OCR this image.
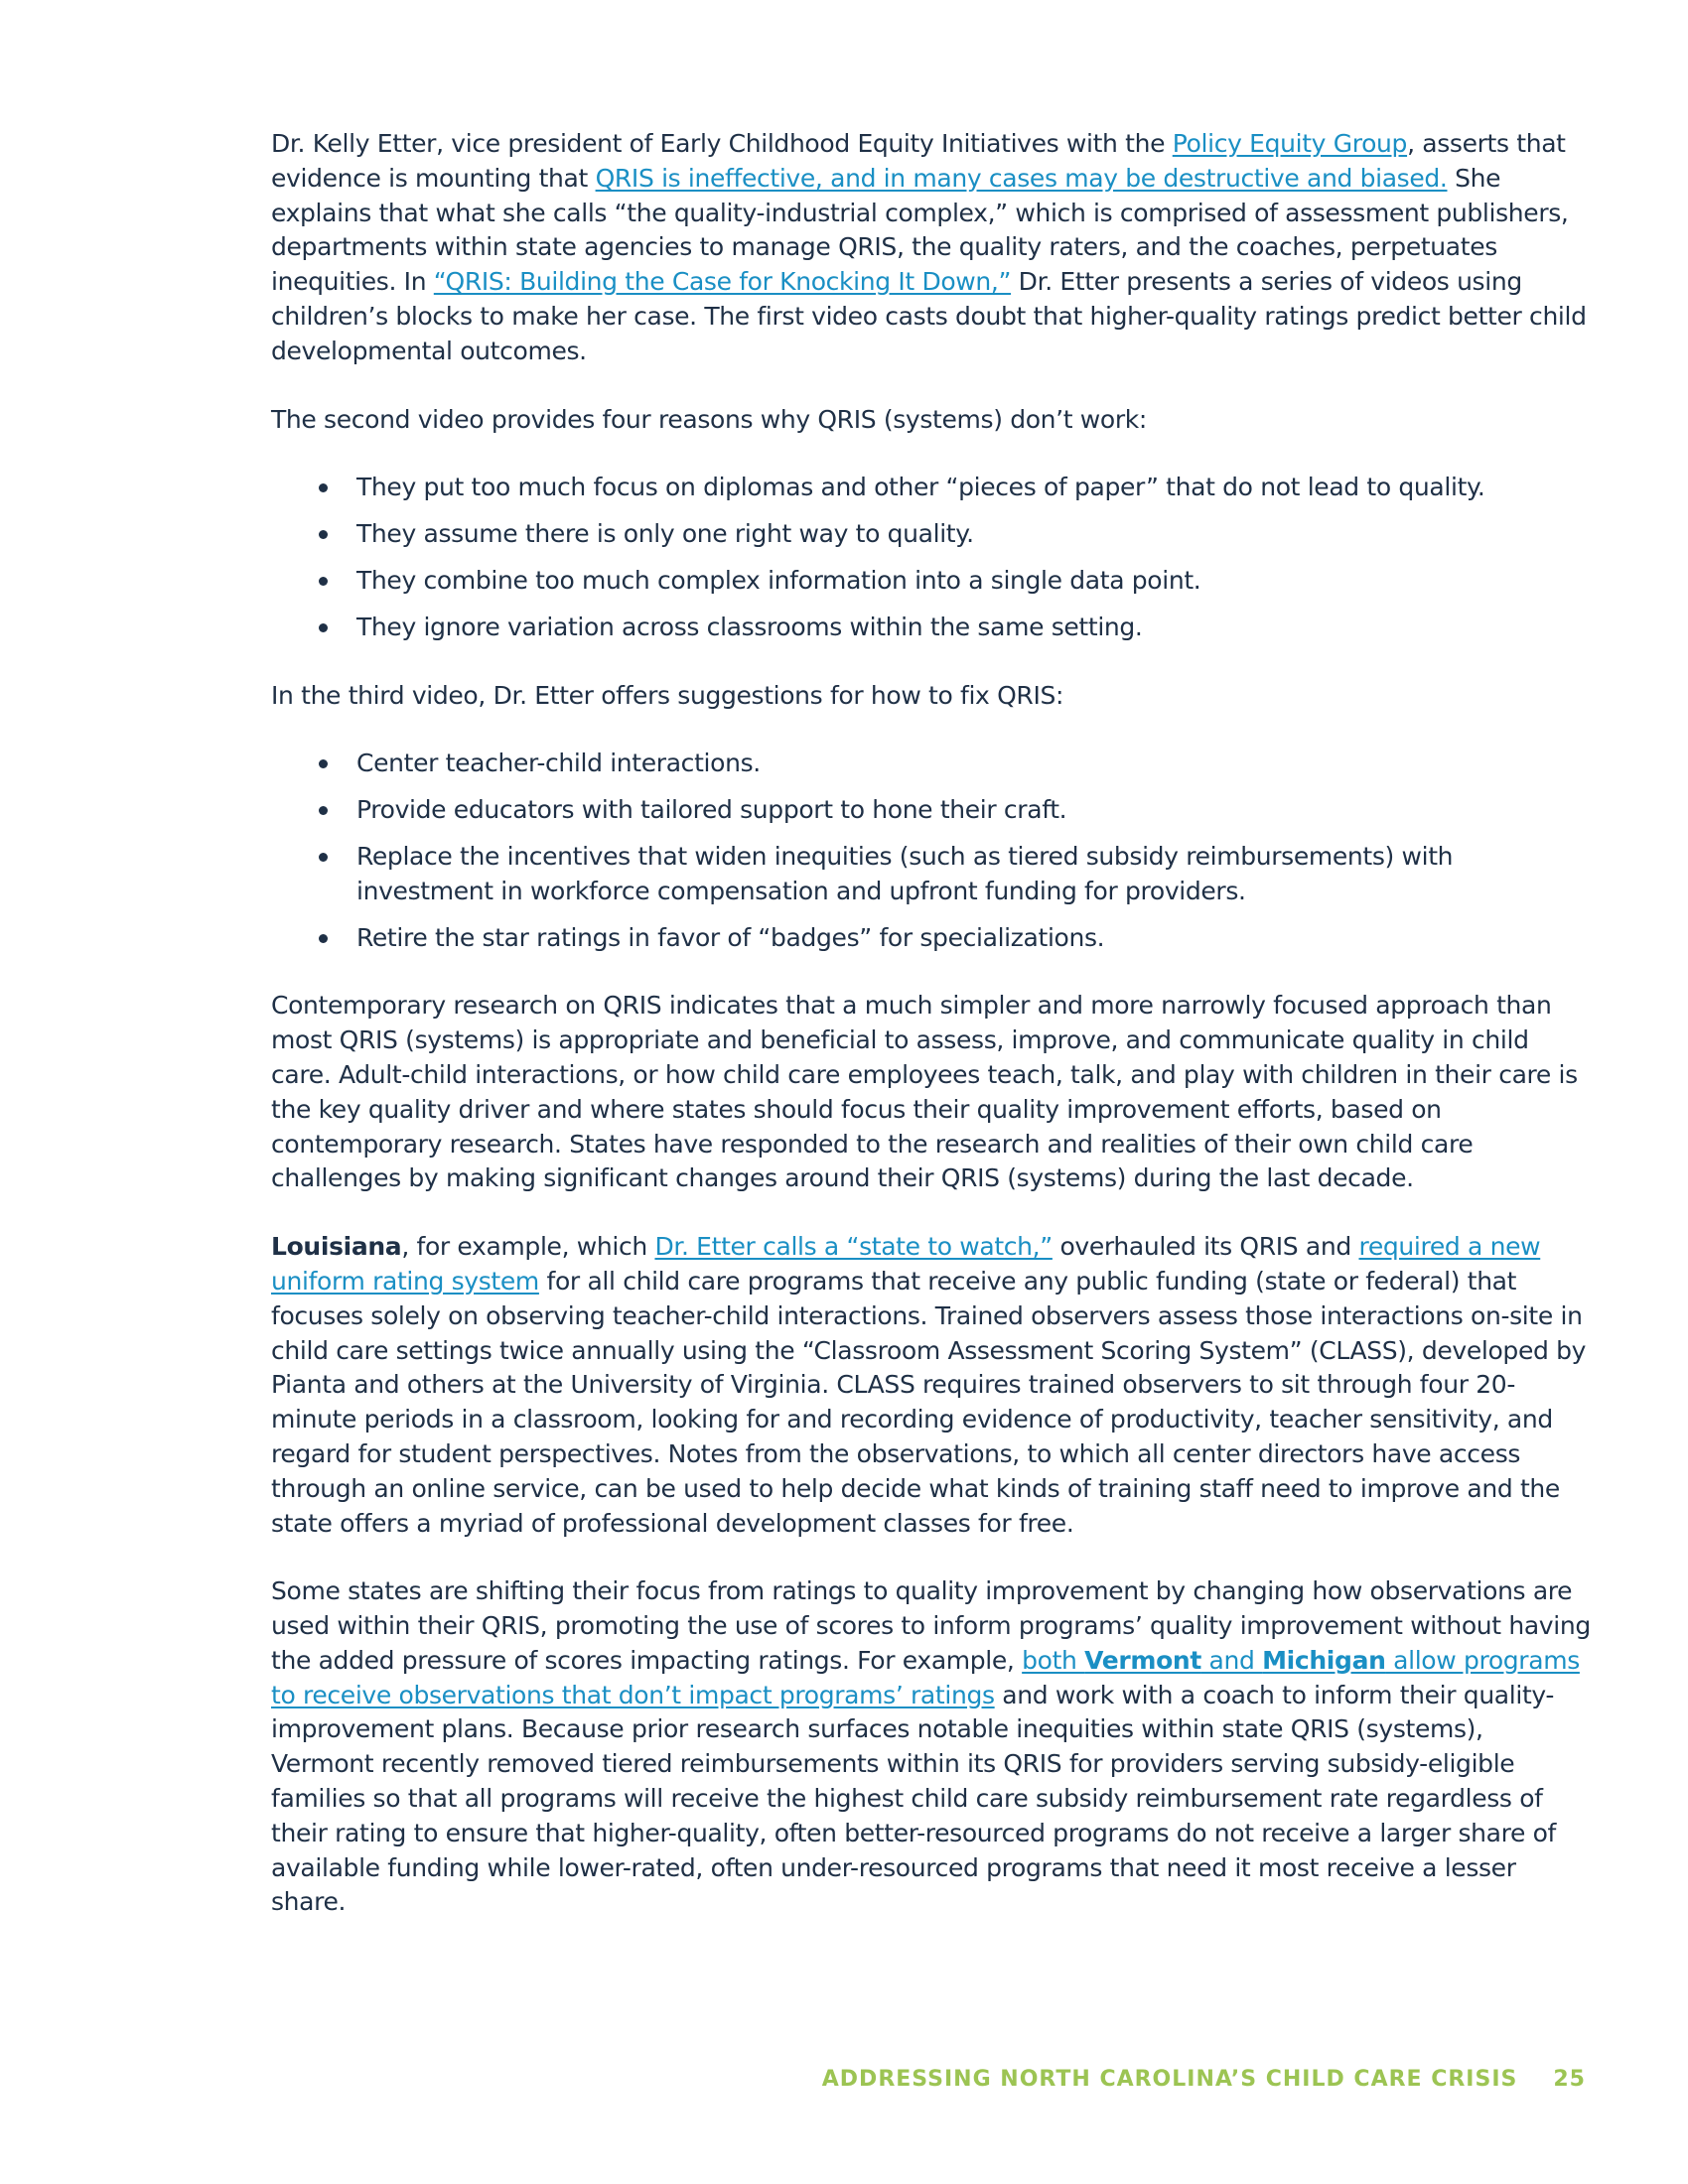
Dr. Kelly Etter, vice president of Early Childhood Equity Initiatives with the Policy Equity Group, asserts that evidence is mounting that QRIS is ineffective, and in many cases may be destructive and biased. She explains that what she calls “the quality-industrial complex,” which is comprised of assessment publishers, departments within state agencies to manage QRIS, the quality raters, and the coaches, perpetuates inequities. In “QRIS: Building the Case for Knocking It Down,” Dr. Etter presents a series of videos using children’s blocks to make her case. The first video casts doubt that higher-quality ratings predict better child developmental outcomes.

The second video provides four reasons why QRIS (systems) don’t work:

They put too much focus on diplomas and other “pieces of paper” that do not lead to quality.
They assume there is only one right way to quality.
They combine too much complex information into a single data point.
They ignore variation across classrooms within the same setting.

In the third video, Dr. Etter offers suggestions for how to fix QRIS:

Center teacher-child interactions.
Provide educators with tailored support to hone their craft.
Replace the incentives that widen inequities (such as tiered subsidy reimbursements) with investment in workforce compensation and upfront funding for providers.
Retire the star ratings in favor of “badges” for specializations.

Contemporary research on QRIS indicates that a much simpler and more narrowly focused approach than most QRIS (systems) is appropriate and beneficial to assess, improve, and communicate quality in child care. Adult-child interactions, or how child care employees teach, talk, and play with children in their care is the key quality driver and where states should focus their quality improvement efforts, based on contemporary research. States have responded to the research and realities of their own child care challenges by making significant changes around their QRIS (systems) during the last decade.

Louisiana, for example, which Dr. Etter calls a “state to watch,” overhauled its QRIS and required a new uniform rating system for all child care programs that receive any public funding (state or federal) that focuses solely on observing teacher-child interactions. Trained observers assess those interactions on-site in child care settings twice annually using the “Classroom Assessment Scoring System” (CLASS), developed by Pianta and others at the University of Virginia. CLASS requires trained observers to sit through four 20-minute periods in a classroom, looking for and recording evidence of productivity, teacher sensitivity, and regard for student perspectives. Notes from the observations, to which all center directors have access through an online service, can be used to help decide what kinds of training staff need to improve and the state offers a myriad of professional development classes for free.

Some states are shifting their focus from ratings to quality improvement by changing how observations are used within their QRIS, promoting the use of scores to inform programs’ quality improvement without having the added pressure of scores impacting ratings. For example, both Vermont and Michigan allow programs to receive observations that don’t impact programs’ ratings and work with a coach to inform their quality-improvement plans. Because prior research surfaces notable inequities within state QRIS (systems), Vermont recently removed tiered reimbursements within its QRIS for providers serving subsidy-eligible families so that all programs will receive the highest child care subsidy reimbursement rate regardless of their rating to ensure that higher-quality, often better-resourced programs do not receive a larger share of available funding while lower-rated, often under-resourced programs that need it most receive a lesser share.

ADDRESSING NORTH CAROLINA’S CHILD CARE CRISIS 25
